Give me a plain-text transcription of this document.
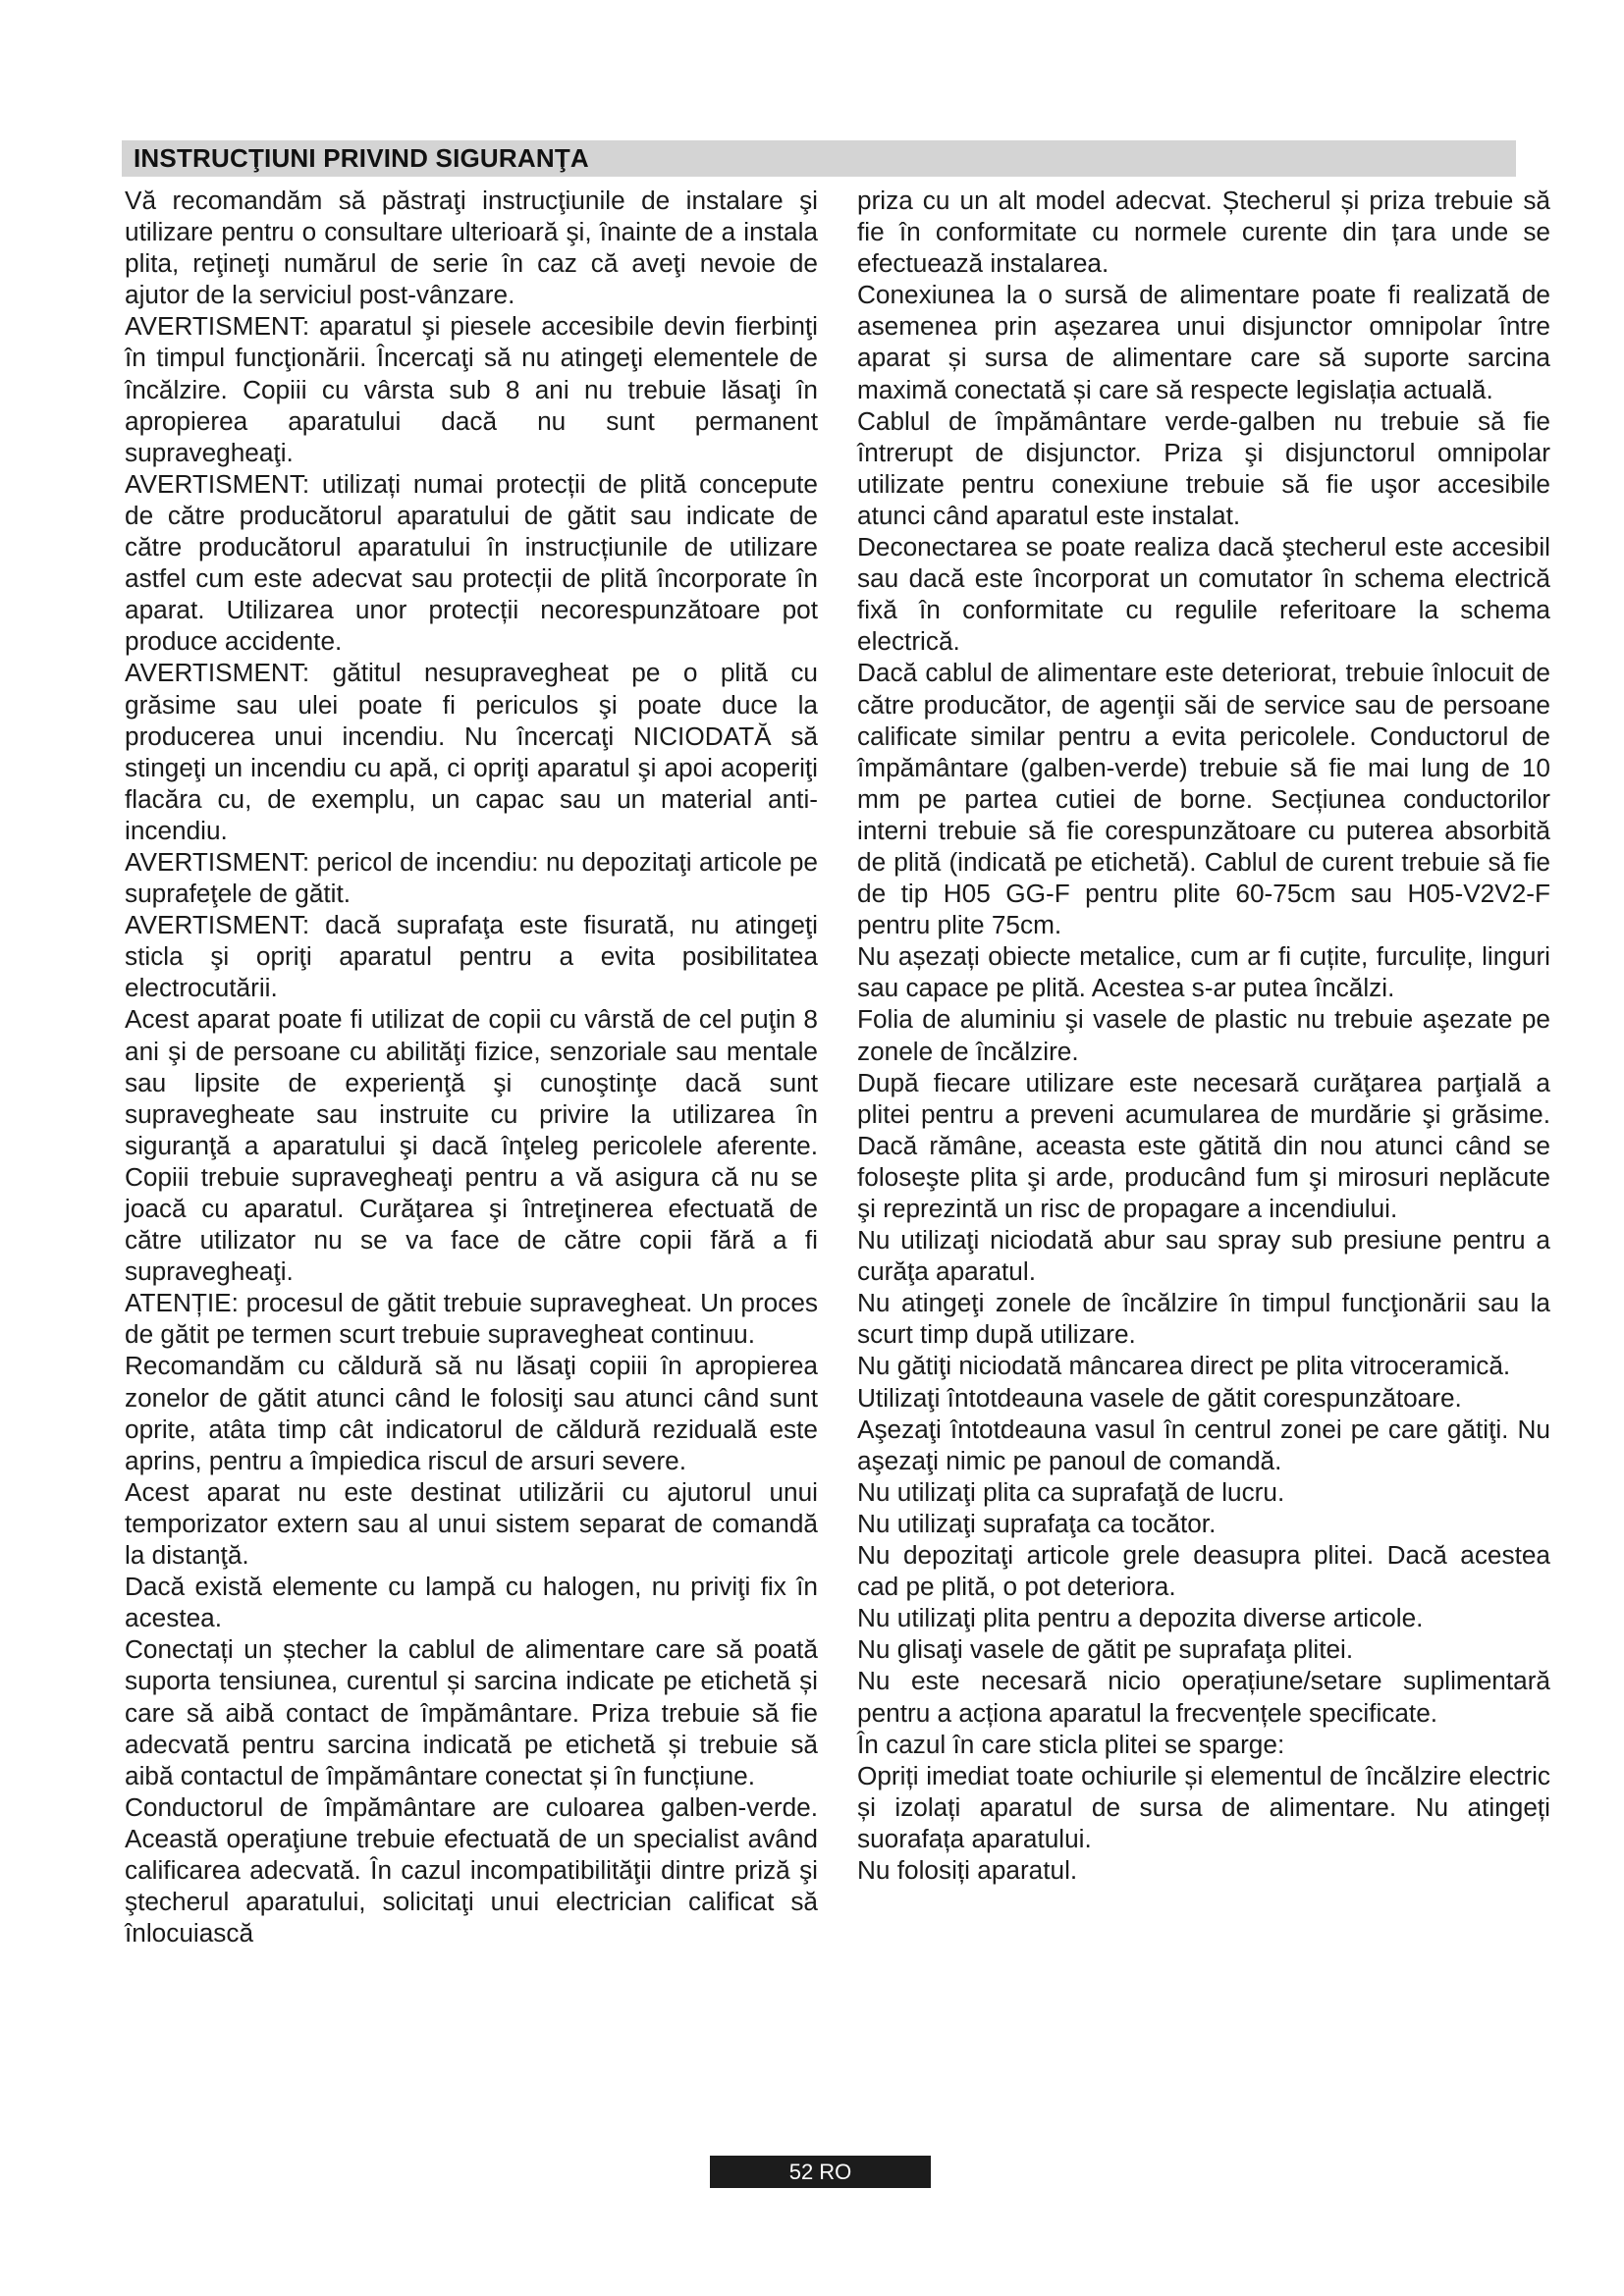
INSTRUCŢIUNI PRIVIND SIGURANŢA

Vă recomandăm să păstraţi instrucţiunile de instalare şi utilizare pentru o consultare ulterioară şi, înainte de a instala plita, reţineţi numărul de serie în caz că aveţi nevoie de ajutor de la serviciul post-vânzare.

AVERTISMENT: aparatul şi piesele accesibile devin fierbinţi în timpul funcţionării. Încercaţi să nu atingeţi elementele de încălzire. Copiii cu vârsta sub 8 ani nu trebuie lăsaţi în apropierea aparatului dacă nu sunt permanent supravegheaţi.

AVERTISMENT: utilizați numai protecții de plită concepute de către producătorul aparatului de gătit sau indicate de către producătorul aparatului în instrucțiunile de utilizare astfel cum este adecvat sau protecții de plită încorporate în aparat. Utilizarea unor protecții necorespunzătoare pot produce accidente.

AVERTISMENT: gătitul nesupravegheat pe o plită cu grăsime sau ulei poate fi periculos şi poate duce la producerea unui incendiu. Nu încercaţi NICIODATĂ să stingeţi un incendiu cu apă, ci opriţi aparatul şi apoi acoperiţi flacăra cu, de exemplu, un capac sau un material anti-incendiu.

AVERTISMENT: pericol de incendiu: nu depozitaţi articole pe suprafeţele de gătit.

AVERTISMENT: dacă suprafaţa este fisurată, nu atingeţi sticla şi opriţi aparatul pentru a evita posibilitatea electrocutării.

Acest aparat poate fi utilizat de copii cu vârstă de cel puţin 8 ani şi de persoane cu abilităţi fizice, senzoriale sau mentale sau lipsite de experienţă şi cunoştinţe dacă sunt supravegheate sau instruite cu privire la utilizarea în siguranţă a aparatului şi dacă înţeleg pericolele aferente. Copiii trebuie supravegheaţi pentru a vă asigura că nu se joacă cu aparatul. Curăţarea şi întreţinerea efectuată de către utilizator nu se va face de către copii fără a fi supravegheaţi.

ATENȚIE: procesul de gătit trebuie supravegheat. Un proces de gătit pe termen scurt trebuie supravegheat continuu.

Recomandăm cu căldură să nu lăsaţi copiii în apropierea zonelor de gătit atunci când le folosiţi sau atunci când sunt oprite, atâta timp cât indicatorul de căldură reziduală este aprins, pentru a împiedica riscul de arsuri severe.

Acest aparat nu este destinat utilizării cu ajutorul unui temporizator extern sau al unui sistem separat de comandă la distanţă.

Dacă există elemente cu lampă cu halogen, nu priviţi fix în acestea.

Conectați un ștecher la cablul de alimentare care să poată suporta tensiunea, curentul și sarcina indicate pe etichetă și care să aibă contact de împământare. Priza trebuie să fie adecvată pentru sarcina indicată pe etichetă și trebuie să aibă contactul de împământare conectat și în funcțiune.

Conductorul de împământare are culoarea galben-verde. Această operaţiune trebuie efectuată de un specialist având calificarea adecvată. În cazul incompatibilităţii dintre priză şi ştecherul aparatului, solicitaţi unui electrician calificat să înlocuiască

priza cu un alt model adecvat. Ștecherul și priza trebuie să fie în conformitate cu normele curente din țara unde se efectuează instalarea.

Conexiunea la o sursă de alimentare poate fi realizată de asemenea prin așezarea unui disjunctor omnipolar între aparat și sursa de alimentare care să suporte sarcina maximă conectată și care să respecte legislația actuală.

Cablul de împământare verde-galben nu trebuie să fie întrerupt de disjunctor. Priza şi disjunctorul omnipolar utilizate pentru conexiune trebuie să fie uşor accesibile atunci când aparatul este instalat.

Deconectarea se poate realiza dacă ştecherul este accesibil sau dacă este încorporat un comutator în schema electrică fixă în conformitate cu regulile referitoare la schema electrică.

Dacă cablul de alimentare este deteriorat, trebuie înlocuit de către producător, de agenţii săi de service sau de persoane calificate similar pentru a evita pericolele. Conductorul de împământare (galben-verde) trebuie să fie mai lung de 10 mm pe partea cutiei de borne. Secțiunea conductorilor interni trebuie să fie corespunzătoare cu puterea absorbită de plită (indicată pe etichetă). Cablul de curent trebuie să fie de tip H05 GG-F pentru plite 60-75cm sau H05-V2V2-F pentru plite 75cm.

Nu așezați obiecte metalice, cum ar fi cuțite, furculițe, linguri sau capace pe plită. Acestea s-ar putea încălzi.

Folia de aluminiu şi vasele de plastic nu trebuie aşezate pe zonele de încălzire.

După fiecare utilizare este necesară curăţarea parţială a plitei pentru a preveni acumularea de murdărie şi grăsime. Dacă rămâne, aceasta este gătită din nou atunci când se foloseşte plita şi arde, producând fum şi mirosuri neplăcute şi reprezintă un risc de propagare a incendiului.

Nu utilizaţi niciodată abur sau spray sub presiune pentru a curăţa aparatul.

Nu atingeţi zonele de încălzire în timpul funcţionării sau la scurt timp după utilizare.

Nu gătiţi niciodată mâncarea direct pe plita vitroceramică.

Utilizaţi întotdeauna vasele de gătit corespunzătoare.

Aşezaţi întotdeauna vasul în centrul zonei pe care gătiţi. Nu aşezaţi nimic pe panoul de comandă.

Nu utilizaţi plita ca suprafaţă de lucru.

Nu utilizaţi suprafaţa ca tocător.

Nu depozitaţi articole grele deasupra plitei. Dacă acestea cad pe plită, o pot deteriora.

Nu utilizaţi plita pentru a depozita diverse articole.

Nu glisaţi vasele de gătit pe suprafaţa plitei.

Nu este necesară nicio operațiune/setare suplimentară pentru a acționa aparatul la frecvențele specificate.

În cazul în care sticla plitei se sparge:

Opriți imediat toate ochiurile și elementul de încălzire electric și izolați aparatul de sursa de alimentare. Nu atingeți suorafața aparatului.

Nu folosiți aparatul.

52 RO
